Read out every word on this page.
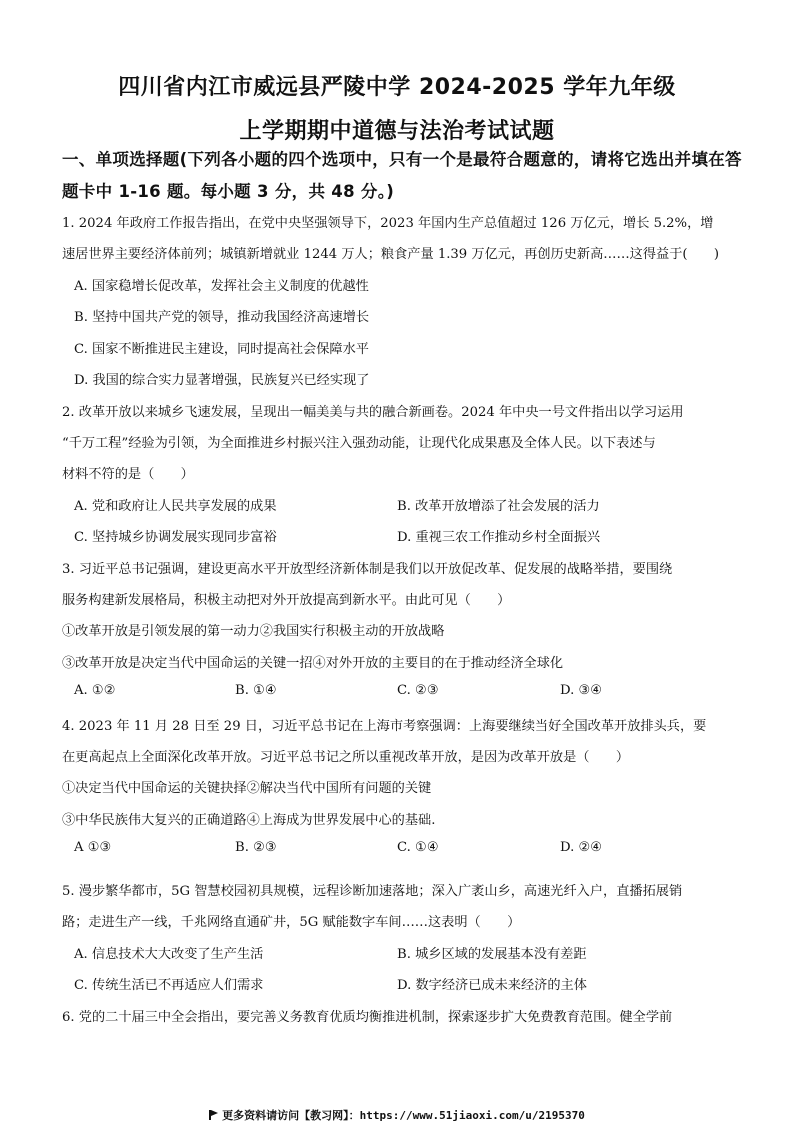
四川省内江市威远县严陵中学 2024-2025 学年九年级
上学期期中道德与法治考试试题
一、单项选择题(下列各小题的四个选项中，只有一个是最符合题意的，请将它选出并填在答
题卡中 1-16 题。每小题 3 分，共 48 分。)
1. 2024 年政府工作报告指出，在党中央坚强领导下，2023 年国内生产总值超过 126 万亿元，增长 5.2%，增
速居世界主要经济体前列；城镇新增就业 1244 万人；粮食产量 1.39 万亿元，再创历史新高……这得益于(　　)
A. 国家稳增长促改革，发挥社会主义制度的优越性
B. 坚持中国共产党的领导，推动我国经济高速增长
C. 国家不断推进民主建设，同时提高社会保障水平
D. 我国的综合实力显著增强，民族复兴已经实现了
2. 改革开放以来城乡飞速发展，呈现出一幅美美与共的融合新画卷。2024 年中央一号文件指出以学习运用
“千万工程”经验为引领，为全面推进乡村振兴注入强劲动能，让现代化成果惠及全体人民。以下表述与
材料不符的是（　　）
A. 党和政府让人民共享发展的成果	B. 改革开放增添了社会发展的活力
C. 坚持城乡协调发展实现同步富裕	D. 重视三农工作推动乡村全面振兴
3. 习近平总书记强调，建设更高水平开放型经济新体制是我们以开放促改革、促发展的战略举措，要围绕
服务构建新发展格局，积极主动把对外开放提高到新水平。由此可见（　　）
①改革开放是引领发展的第一动力②我国实行积极主动的开放战略
③改革开放是决定当代中国命运的关键一招④对外开放的主要目的在于推动经济全球化
A. ①②	B. ①④	C. ②③	D. ③④
4. 2023 年 11 月 28 日至 29 日，习近平总书记在上海市考察强调：上海要继续当好全国改革开放排头兵，要
在更高起点上全面深化改革开放。习近平总书记之所以重视改革开放，是因为改革开放是（　　）
①决定当代中国命运的关键抉择②解决当代中国所有问题的关键
③中华民族伟大复兴的正确道路④上海成为世界发展中心的基础.
A ①③	B. ②③	C. ①④	D. ②④
5. 漫步繁华都市，5G 智慧校园初具规模，远程诊断加速落地；深入广袤山乡，高速光纤入户，直播拓展销
路；走进生产一线，千兆网络直通矿井，5G 赋能数字车间……这表明（　　）
A. 信息技术大大改变了生产生活	B. 城乡区域的发展基本没有差距
C. 传统生活已不再适应人们需求	D. 数字经济已成未来经济的主体
6. 党的二十届三中全会指出，要完善义务教育优质均衡推进机制，探索逐步扩大免费教育范围。健全学前
更多资料请访问【教习网】：https://www.51jiaoxi.com/u/2195370
